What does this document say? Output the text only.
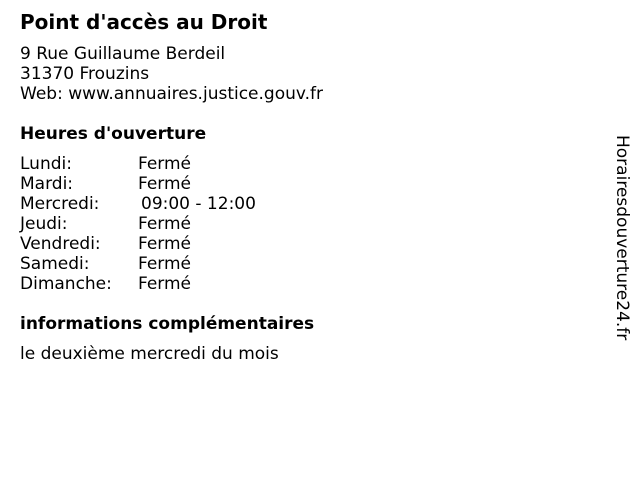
Point d'accès au Droit
9 Rue Guillaume Berdeil
31370 Frouzins
Web: www.annuaires.justice.gouv.fr
Heures d'ouverture
Lundi:	Fermé
Mardi:	Fermé
Mercredi: 09:00 - 12:00
Jeudi:	Fermé
Vendredi: Fermé
Samedi:	Fermé
Dimanche: Fermé
informations complémentaires
le deuxième mercredi du mois
Horairesdouverture24.fr
